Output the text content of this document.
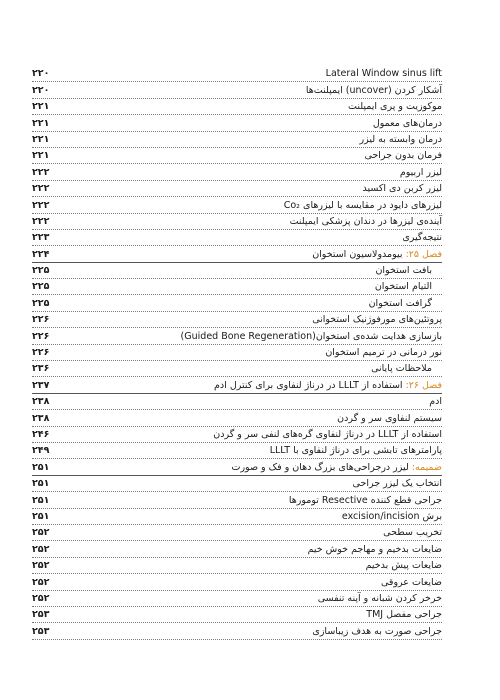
Lateral Window sinus lift
۲۲۰
آشکار کردن (uncover) ایمپلنت‌ها
۲۲۰
موکوزیت و پری ایمپلنت
۲۲۱
درمان‌های معمول
۲۲۱
درمان وابسته به لیزر
۲۲۱
فرمان بدون جراحی
۲۲۱
لیزر اربیوم
۲۲۲
لیزر کربن دی اکسید
۲۲۲
لیزرهای دایود در مقایسه با لیزرهای Co₂
۲۲۲
آینده‌ی لیزرها در دندان پزشکی ایمپلنت
۲۲۲
نتیجه‌گیری
۲۲۳
فصل ۲۵: بیومدولاسیون استخوان
۲۲۴
بافت استخوان
۲۲۵
التیام استخوان
۲۲۵
گرافت استخوان
۲۲۵
پروتئین‌های مورفوژنیک استخوانی
۲۲۶
بازسازی هدایت شده‌ی استخوان(Guided Bone Regeneration)
۲۲۶
نور درمانی در ترمیم استخوان
۲۲۶
ملاحظات پایانی
۲۳۶
فصل ۲۶: استفاده از LLLT در درناژ لنفاوی برای کنترل ادم
۲۳۷
ادم
۲۳۸
سیستم لنفاوی سر و گردن
۲۳۸
استفاده از LLLT در درناژ لنفاوی گره‌های لنفی سر و گردن
۲۴۶
پارامترهای تابشی برای درناژ لنفاوی با LLLT
۲۴۹
ضمیمه: لیزر درجراحی‌های بزرگ دهان و فک و صورت
۲۵۱
انتخاب یک لیزر جراحی
۲۵۱
جراحی قطع کننده Resective تومورها
۲۵۱
برش excision/incision
۲۵۱
تخریب سطحی
۲۵۲
ضایعات بدخیم و مهاجم خوش خیم
۲۵۲
ضایعات پیش بدخیم
۲۵۲
ضایعات عروقی
۲۵۲
خرخر کردن شبانه و آپنه تنفسی
۲۵۲
جراحی مفصل TMJ
۲۵۳
جراحی صورت به هدف زیباسازی
۲۵۳
